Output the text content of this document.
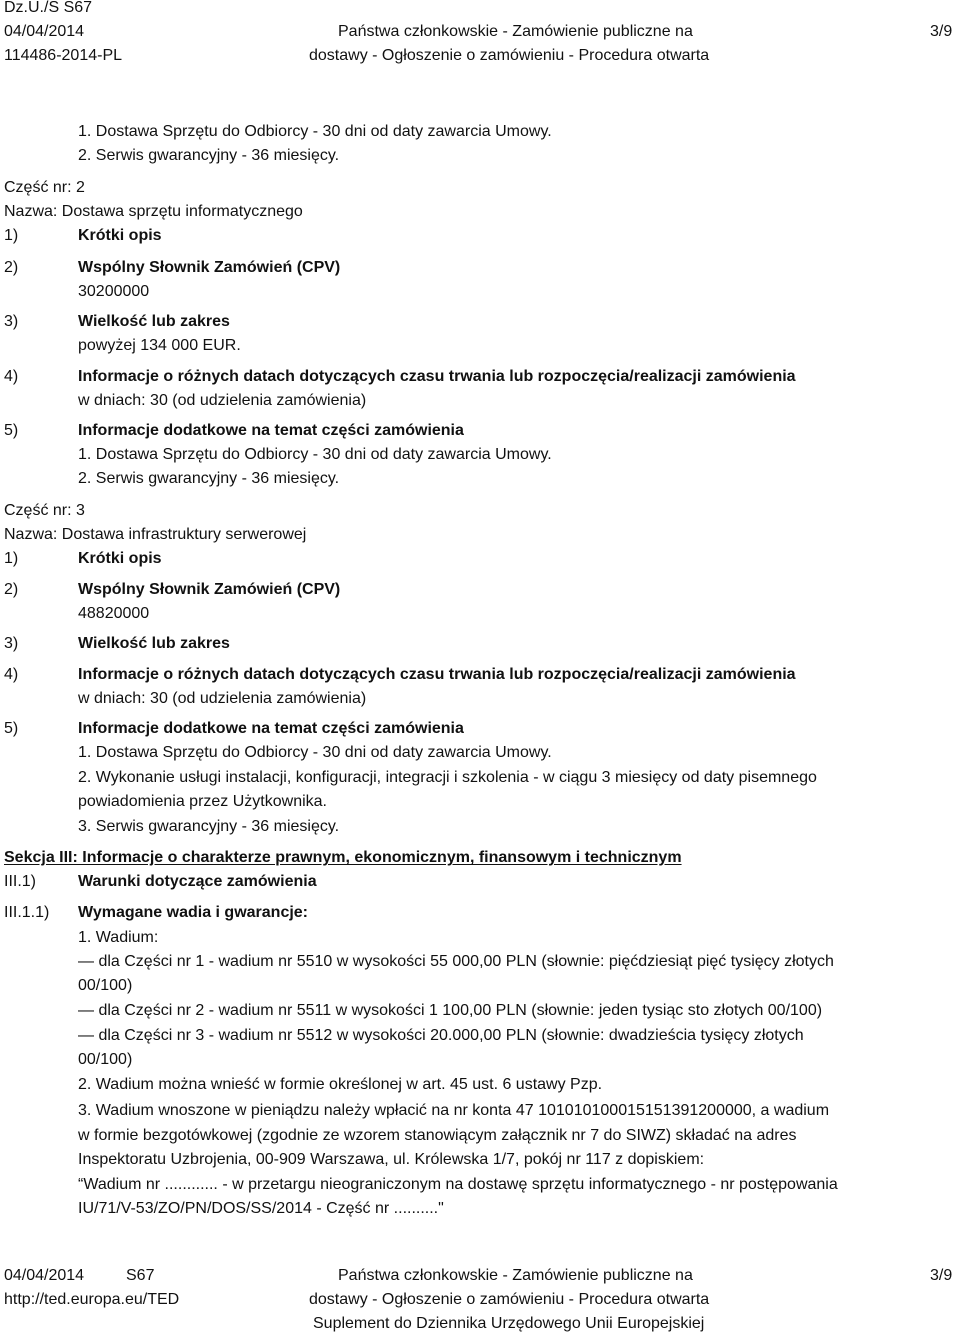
Dz.U./S S67
04/04/2014
114486-2014-PL
Państwa członkowskie - Zamówienie publiczne na
dostawy - Ogłoszenie o zamówieniu - Procedura otwarta
3/9
1. Dostawa Sprzętu do Odbiorcy - 30 dni od daty zawarcia Umowy.
2. Serwis gwarancyjny - 36 miesięcy.
Część nr: 2
Nazwa: Dostawa sprzętu informatycznego
1)	Krótki opis
2)	Wspólny Słownik Zamówień (CPV)
30200000
3)	Wielkość lub zakres
powyżej 134 000 EUR.
4)	Informacje o różnych datach dotyczących czasu trwania lub rozpoczęcia/realizacji zamówienia
w dniach: 30 (od udzielenia zamówienia)
5)	Informacje dodatkowe na temat części zamówienia
1. Dostawa Sprzętu do Odbiorcy - 30 dni od daty zawarcia Umowy.
2. Serwis gwarancyjny - 36 miesięcy.
Część nr: 3
Nazwa: Dostawa infrastruktury serwerowej
1)	Krótki opis
2)	Wspólny Słownik Zamówień (CPV)
48820000
3)	Wielkość lub zakres
4)	Informacje o różnych datach dotyczących czasu trwania lub rozpoczęcia/realizacji zamówienia
w dniach: 30 (od udzielenia zamówienia)
5)	Informacje dodatkowe na temat części zamówienia
1. Dostawa Sprzętu do Odbiorcy - 30 dni od daty zawarcia Umowy.
2. Wykonanie usługi instalacji, konfiguracji, integracji i szkolenia - w ciągu 3 miesięcy od daty pisemnego
powiadomienia przez Użytkownika.
3. Serwis gwarancyjny - 36 miesięcy.
Sekcja III: Informacje o charakterze prawnym, ekonomicznym, finansowym i technicznym
III.1)	Warunki dotyczące zamówienia
III.1.1) Wymagane wadia i gwarancje:
1. Wadium:
— dla Części nr 1 - wadium nr 5510 w wysokości 55 000,00 PLN (słownie: pięćdziesiąt pięć tysięcy złotych
00/100)
— dla Części nr 2 - wadium nr 5511 w wysokości 1 100,00 PLN (słownie: jeden tysiąc sto złotych 00/100)
— dla Części nr 3 - wadium nr 5512 w wysokości 20.000,00 PLN (słownie: dwadzieścia tysięcy złotych
00/100)
2. Wadium można wnieść w formie określonej w art. 45 ust. 6 ustawy Pzp.
3. Wadium wnoszone w pieniądzu należy wpłacić na nr konta 47 101010100015151391200000, a wadium
w formie bezgotówkowej (zgodnie ze wzorem stanowiącym załącznik nr 7 do SIWZ) składać na adres
Inspektoratu Uzbrojenia, 00-909 Warszawa, ul. Królewska 1/7, pokój nr 117 z dopiskiem:
“Wadium nr ............ - w przetargu nieograniczonym na dostawę sprzętu informatycznego - nr postępowania
IU/71/V-53/ZO/PN/DOS/SS/2014 - Część nr .........."
04/04/2014	S67
http://ted.europa.eu/TED
Państwa członkowskie - Zamówienie publiczne na
dostawy - Ogłoszenie o zamówieniu - Procedura otwarta
Suplement do Dziennika Urzędowego Unii Europejskiej
3/9
